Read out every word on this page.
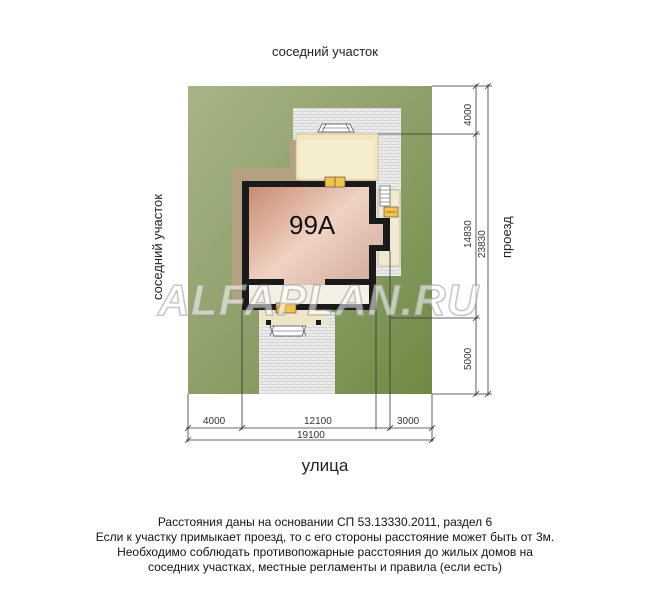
соседний участок
соседний участок	проезд
99А
4000	12100	3000
19100
4000
14830
5000
23830
ALFAPLAN.RU
улица
Расстояния даны на основании СП 53.13330.2011, раздел 6
Если к участку примыкает проезд, то с его стороны расстояние может быть от 3м.
Необходимо соблюдать противопожарные расстояния до жилых домов на
соседних участках, местные регламенты и правила (если есть)
